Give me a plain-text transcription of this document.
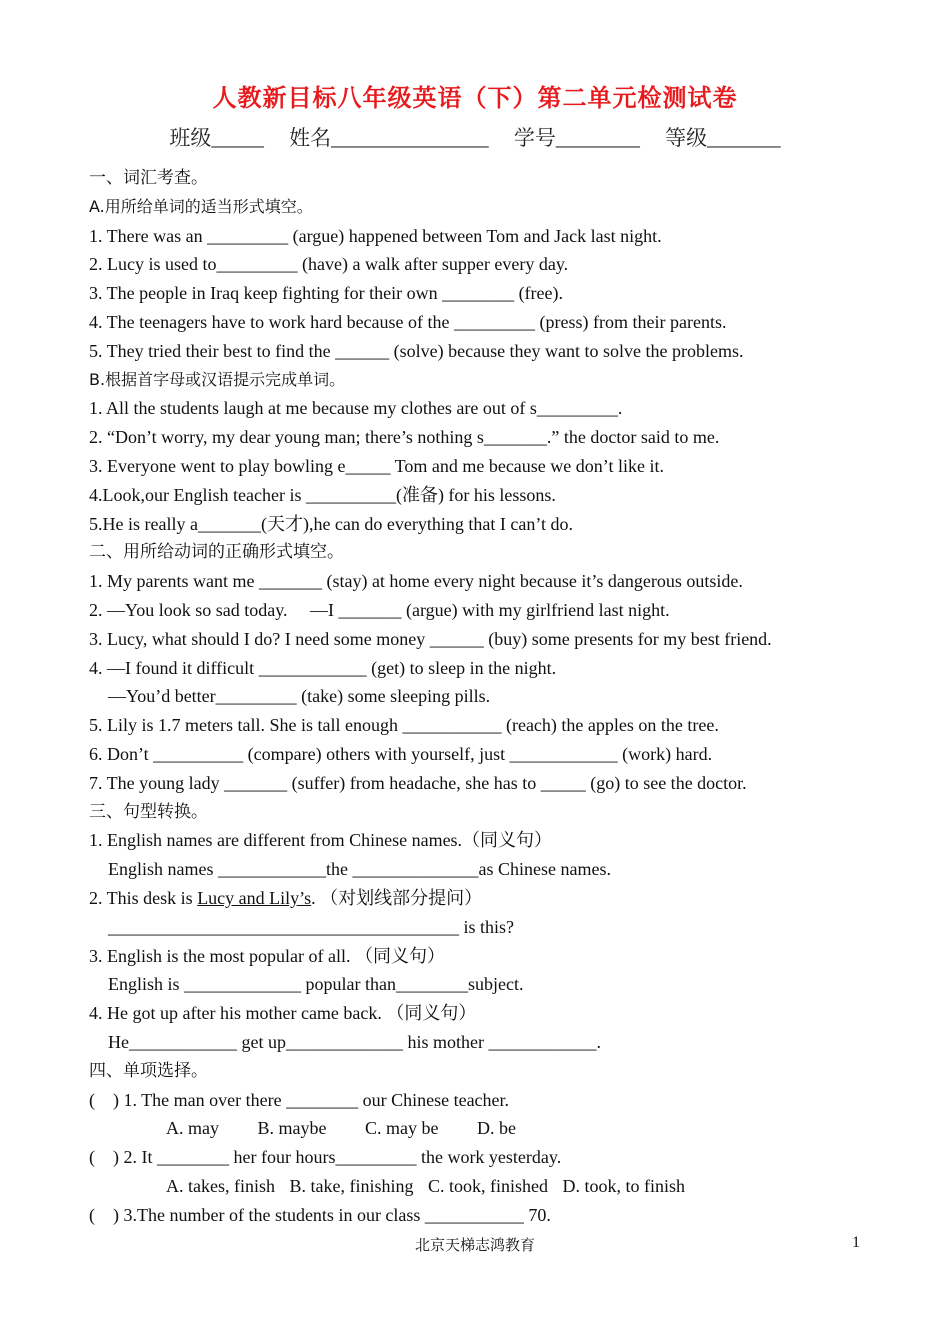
人教新目标八年级英语（下）第二单元检测试卷
班级_____ 姓名_______________ 学号________ 等级_______
一、词汇考查。
A.用所给单词的适当形式填空。
1. There was an _________ (argue) happened between Tom and Jack last night.
2. Lucy is used to_________ (have) a walk after supper every day.
3. The people in Iraq keep fighting for their own ________ (free).
4. The teenagers have to work hard because of the _________ (press) from their parents.
5. They tried their best to find the ______ (solve) because they want to solve the problems.
B.根据首字母或汉语提示完成单词。
1. All the students laugh at me because my clothes are out of s_________.
2. “Don’t worry, my dear young man; there’s nothing s_______.” the doctor said to me.
3. Everyone went to play bowling e_____ Tom and me because we don’t like it.
4.Look,our English teacher is __________(准备) for his lessons.
5.He is really a_______(天才),he can do everything that I can’t do.
二、用所给动词的正确形式填空。
1. My parents want me _______ (stay) at home every night because it’s dangerous outside.
2. —You look so sad today.　 —I _______ (argue) with my girlfriend last night.
3. Lucy, what should I do? I need some money ______ (buy) some presents for my best friend.
4. —I found it difficult ____________ (get) to sleep in the night.
—You’d better_________ (take) some sleeping pills.
5. Lily is 1.7 meters tall. She is tall enough ___________ (reach) the apples on the tree.
6. Don’t __________ (compare) others with yourself, just ____________ (work) hard.
7. The young lady _______ (suffer) from headache, she has to _____ (go) to see the doctor.
三、句型转换。
1. English names are different from Chinese names.（同义句）
English names ____________the ______________as Chinese names.
2. This desk is Lucy and Lily’s. （对划线部分提问）
_______________________________________ is this?
3. English is the most popular of all. （同义句）
English is _____________ popular than________subject.
4. He got up after his mother came back. （同义句）
He____________ get up_____________ his mother ____________.
四、单项选择。
(　) 1. The man over there ________ our Chinese teacher.
A. may B. maybe C. may be D. be
(　) 2. It ________ her four hours_________ the work yesterday.
A. takes, finish B. take, finishing C. took, finished D. took, to finish
(　) 3.The number of the students in our class ___________ 70.
北京天梯志鸿教育	1
